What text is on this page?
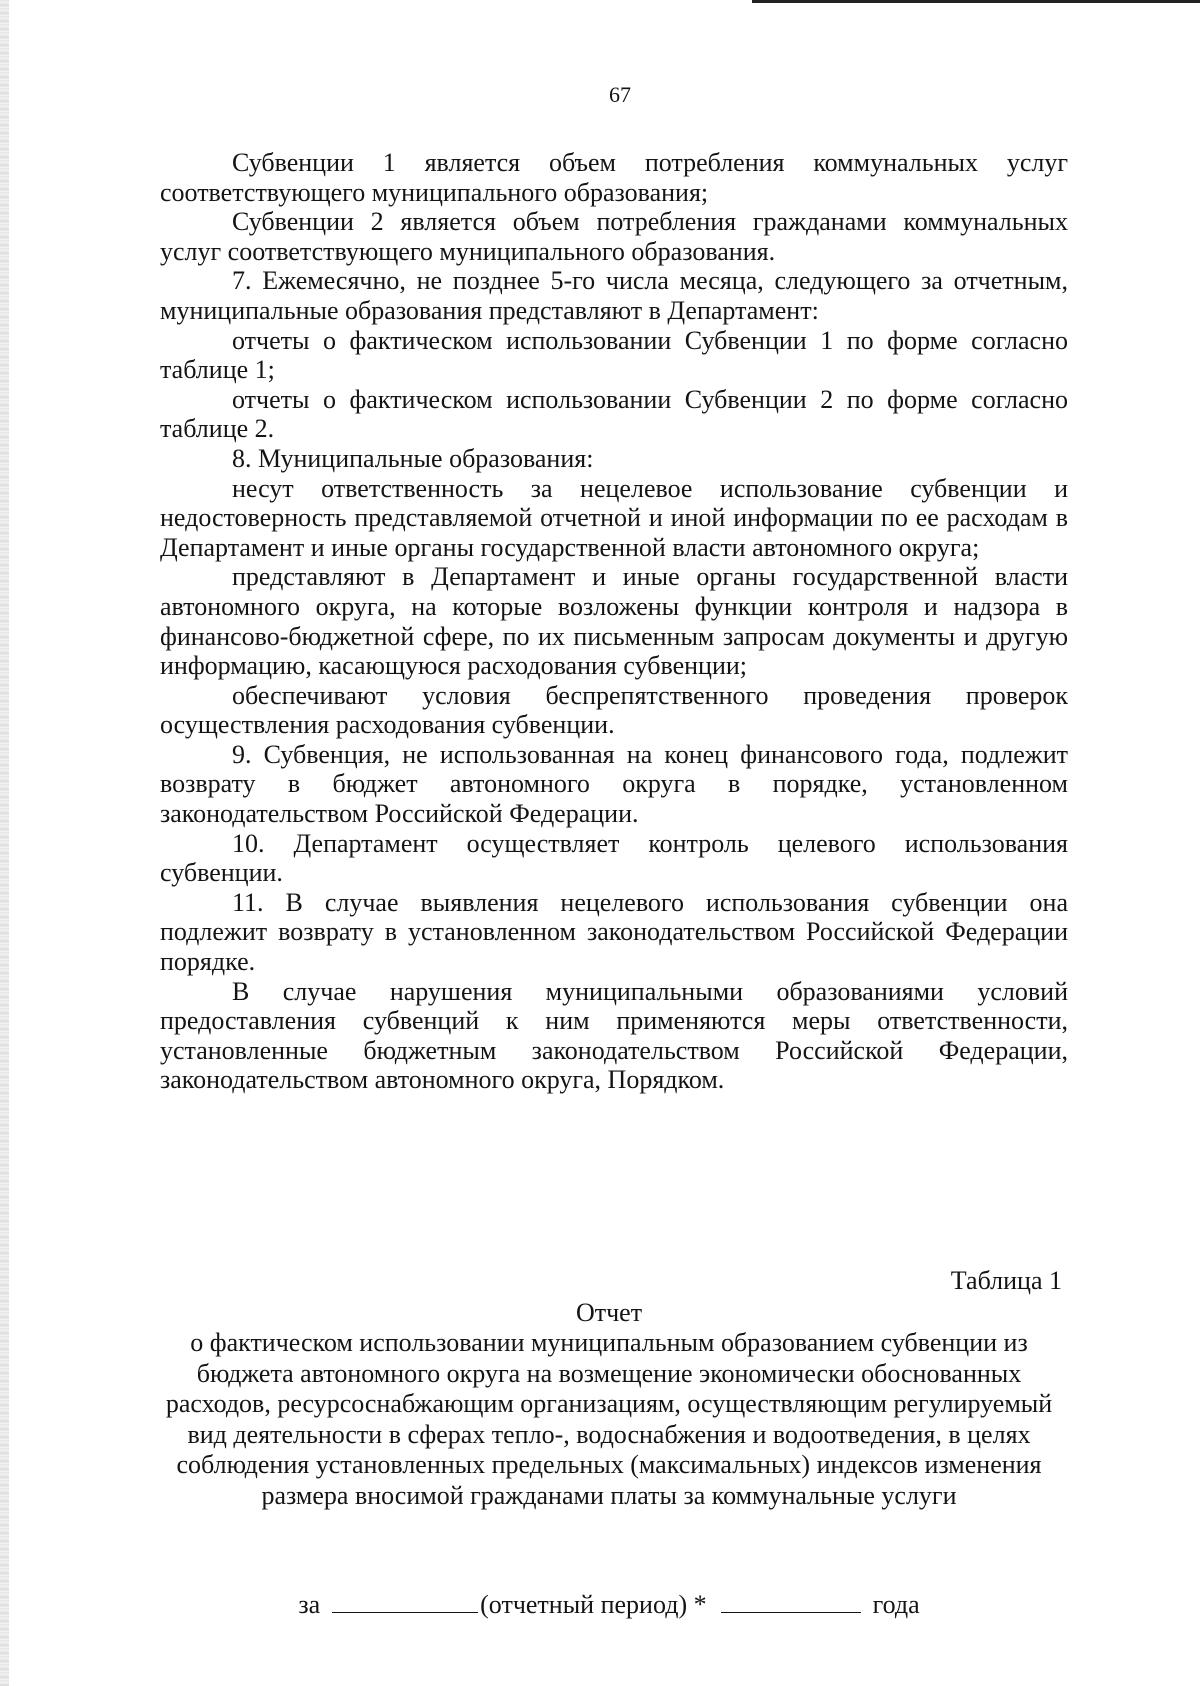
67

Субвенции 1 является объем потребления коммунальных услуг соответствующего муниципального образования;

Субвенции 2 является объем потребления гражданами коммунальных услуг соответствующего муниципального образования.

7. Ежемесячно, не позднее 5-го числа месяца, следующего за отчетным, муниципальные образования представляют в Департамент:

отчеты о фактическом использовании Субвенции 1 по форме согласно таблице 1;

отчеты о фактическом использовании Субвенции 2 по форме согласно таблице 2.

8. Муниципальные образования:

несут ответственность за нецелевое использование субвенции и недостоверность представляемой отчетной и иной информации по ее расходам в Департамент и иные органы государственной власти автономного округа;

представляют в Департамент и иные органы государственной власти автономного округа, на которые возложены функции контроля и надзора в финансово-бюджетной сфере, по их письменным запросам документы и другую информацию, касающуюся расходования субвенции;

обеспечивают условия беспрепятственного проведения проверок осуществления расходования субвенции.

9. Субвенция, не использованная на конец финансового года, подлежит возврату в бюджет автономного округа в порядке, установленном законодательством Российской Федерации.

10. Департамент осуществляет контроль целевого использования субвенции.

11. В случае выявления нецелевого использования субвенции она подлежит возврату в установленном законодательством Российской Федерации порядке.

В случае нарушения муниципальными образованиями условий предоставления субвенций к ним применяются меры ответственности, установленные бюджетным законодательством Российской Федерации, законодательством автономного округа, Порядком.

Таблица 1
Отчет
о фактическом использовании муниципальным образованием субвенции из бюджета автономного округа на возмещение экономически обоснованных расходов, ресурсоснабжающим организациям, осуществляющим регулируемый вид деятельности в сферах тепло-, водоснабжения и водоотведения, в целях соблюдения установленных предельных (максимальных) индексов изменения размера вносимой гражданами платы за коммунальные услуги
за	(отчетный период) *	года
